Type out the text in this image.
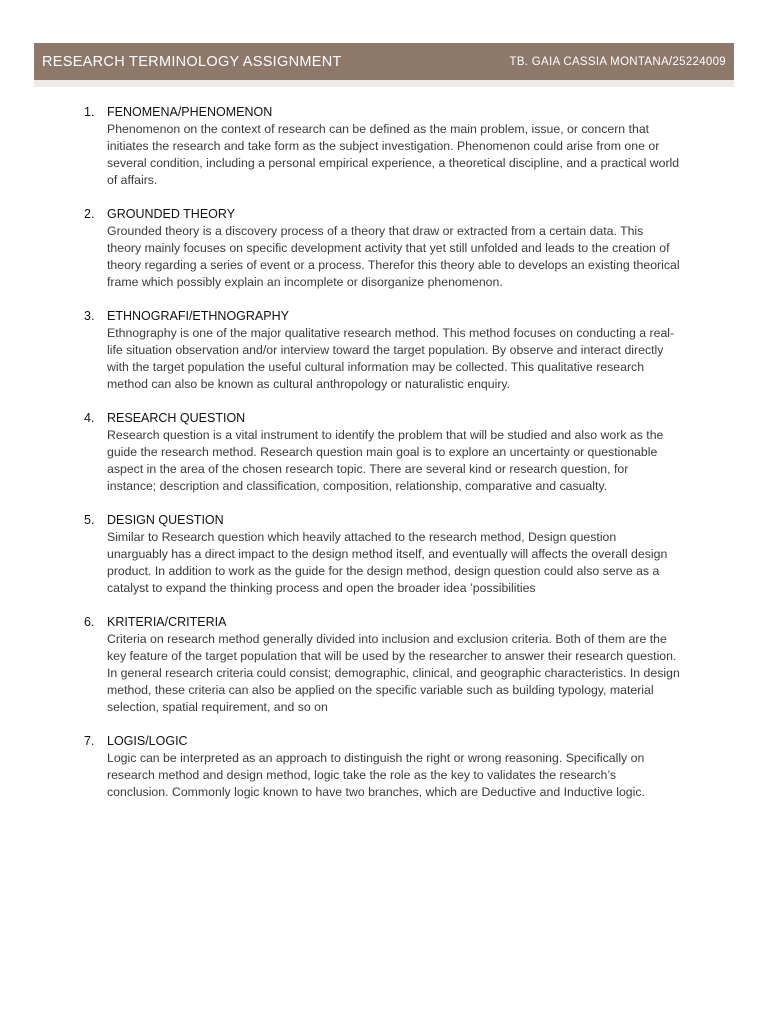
RESEARCH TERMINOLOGY ASSIGNMENT	TB. GAIA CASSIA MONTANA/25224009
1.	FENOMENA/PHENOMENON

Phenomenon on the context of research can be defined as the main problem, issue, or concern that initiates the research and take form as the subject investigation. Phenomenon could arise from one or several condition, including a personal empirical experience, a theoretical discipline, and a practical world of affairs.

2.	GROUNDED THEORY

Grounded theory is a discovery process of a theory that draw or extracted from a certain data. This theory mainly focuses on specific development activity that yet still unfolded and leads to the creation of theory regarding a series of event or a process. Therefor this theory able to develops an existing theorical frame which possibly explain an incomplete or disorganize phenomenon.

3.	ETHNOGRAFI/ETHNOGRAPHY

Ethnography is one of the major qualitative research method. This method focuses on conducting a real-life situation observation and/or interview toward the target population. By observe and interact directly with the target population the useful cultural information may be collected. This qualitative research method can also be known as cultural anthropology or naturalistic enquiry.

4.	RESEARCH QUESTION

Research question is a vital instrument to identify the problem that will be studied and also work as the guide the research method. Research question main goal is to explore an uncertainty or questionable aspect in the area of the chosen research topic. There are several kind or research question, for instance; description and classification, composition, relationship, comparative and casualty.

5.	DESIGN QUESTION

Similar to Research question which heavily attached to the research method, Design question unarguably has a direct impact to the design method itself, and eventually will affects the overall design product. In addition to work as the guide for the design method, design question could also serve as a catalyst to expand the thinking process and open the broader idea ’possibilities

6.	KRITERIA/CRITERIA

Criteria on research method generally divided into inclusion and exclusion criteria. Both of them are the key feature of the target population that will be used by the researcher to answer their research question. In general research criteria could consist; demographic, clinical, and geographic characteristics. In design method, these criteria can also be applied on the specific variable such as building typology, material selection, spatial requirement, and so on

7.	LOGIS/LOGIC

Logic can be interpreted as an approach to distinguish the right or wrong reasoning. Specifically on research method and design method, logic take the role as the key to validates the research’s conclusion. Commonly logic known to have two branches, which are Deductive and Inductive logic.
